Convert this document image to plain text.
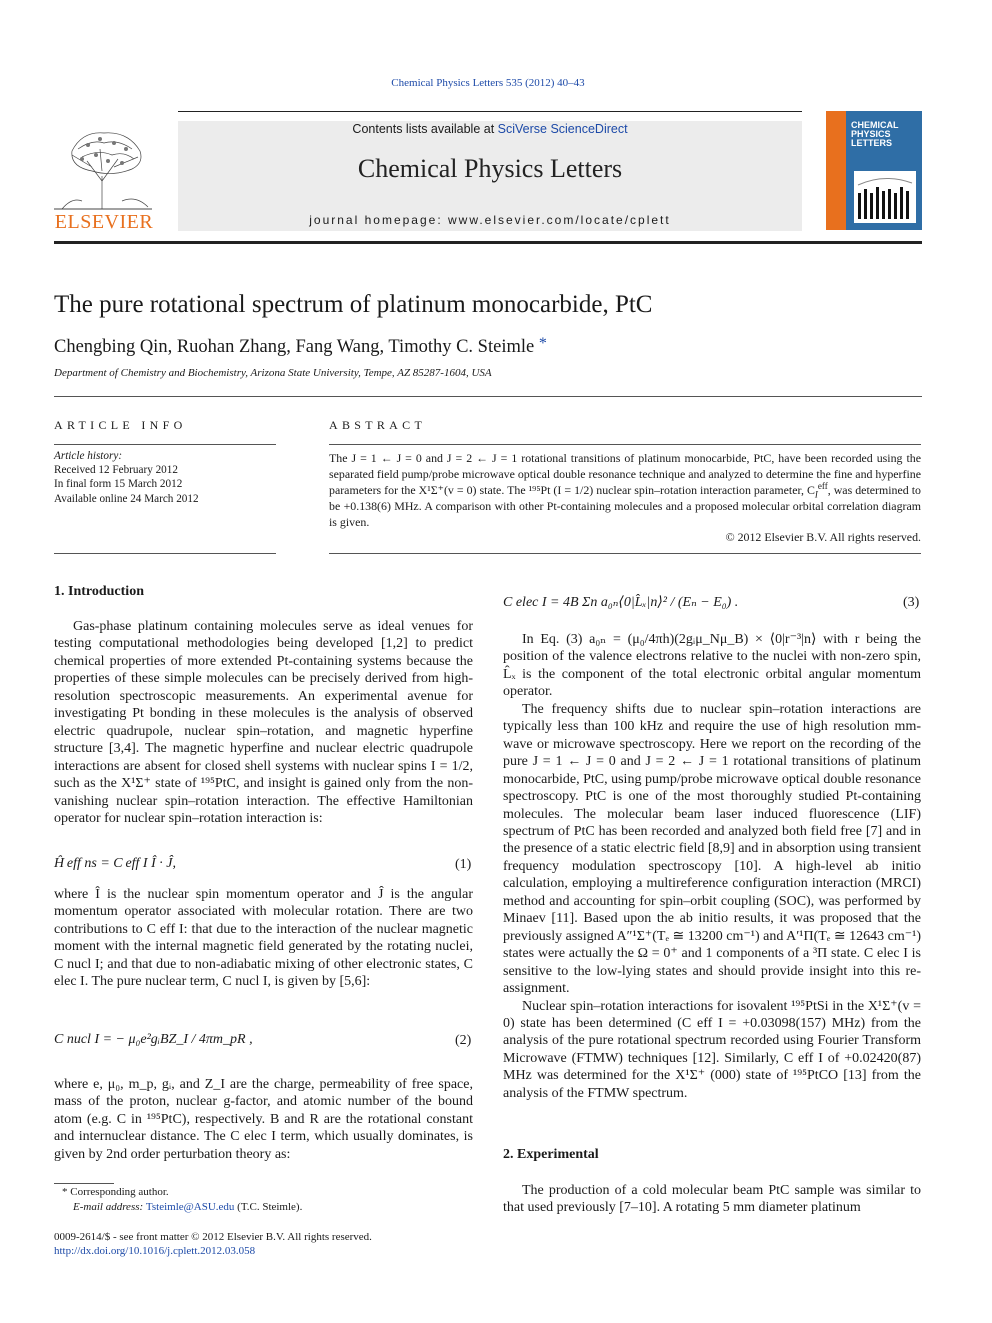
Chemical Physics Letters 535 (2012) 40–43
ELSEVIER
Contents lists available at SciVerse ScienceDirect
Chemical Physics Letters
journal homepage: www.elsevier.com/locate/cplett
CHEMICAL PHYSICS LETTERS
The pure rotational spectrum of platinum monocarbide, PtC
Chengbing Qin, Ruohan Zhang, Fang Wang, Timothy C. Steimle *
Department of Chemistry and Biochemistry, Arizona State University, Tempe, AZ 85287-1604, USA
ARTICLE INFO
Article history:
Received 12 February 2012
In final form 15 March 2012
Available online 24 March 2012
ABSTRACT
The J = 1 ← J = 0 and J = 2 ← J = 1 rotational transitions of platinum monocarbide, PtC, have been recorded using the separated field pump/probe microwave optical double resonance technique and analyzed to determine the fine and hyperfine parameters for the X¹Σ⁺(v = 0) state. The ¹⁹⁵Pt (I = 1/2) nuclear spin–rotation interaction parameter, $C_I^{eff}$, was determined to be +0.138(6) MHz. A comparison with other Pt-containing molecules and a proposed molecular orbital correlation diagram is given.
© 2012 Elsevier B.V. All rights reserved.
1. Introduction

Gas-phase platinum containing molecules serve as ideal venues for testing computational methodologies being developed [1,2] to predict chemical properties of more extended Pt-containing systems because the properties of these simple molecules can be precisely derived from high-resolution spectroscopic measurements. An experimental avenue for investigating Pt bonding in these molecules is the analysis of observed electric quadrupole, nuclear spin–rotation, and magnetic hyperfine structure [3,4]. The magnetic hyperfine and nuclear electric quadrupole interactions are absent for closed shell systems with nuclear spins I = 1/2, such as the X¹Σ⁺ state of ¹⁹⁵PtC, and insight is gained only from the non-vanishing nuclear spin–rotation interaction. The effective Hamiltonian operator for nuclear spin–rotation interaction is:

Ĥ eff ns = C eff I Î · Ĵ,	(1)

where Î is the nuclear spin momentum operator and Ĵ is the angular momentum operator associated with molecular rotation. There are two contributions to C eff I: that due to the interaction of the nuclear magnetic moment with the internal magnetic field generated by the rotating nuclei, C nucl I; and that due to non-adiabatic mixing of other electronic states, C elec I. The pure nuclear term, C nucl I, is given by [5,6]:

C nucl I = − μ₀e²gᵢBZ_I / 4πm_pR ,	(2)

where e, μ₀, m_p, gᵢ, and Z_I are the charge, permeability of free space, mass of the proton, nuclear g-factor, and atomic number of the bound atom (e.g. C in ¹⁹⁵PtC), respectively. B and R are the rotational constant and internuclear distance. The C elec I term, which usually dominates, is given by 2nd order perturbation theory as:

C elec I = 4B Σn a₀ₙ⟨0|L̂ₓ|n⟩² / (Eₙ − E₀) .	(3)

In Eq. (3) a₀ₙ = (μ₀/4πh)(2gᵢμ_Nμ_B) × ⟨0|r⁻³|n⟩ with r being the position of the valence electrons relative to the nuclei with non-zero spin, L̂ₓ is the component of the total electronic orbital angular momentum operator.

The frequency shifts due to nuclear spin–rotation interactions are typically less than 100 kHz and require the use of high resolution mm-wave or microwave spectroscopy. Here we report on the recording of the pure J = 1 ← J = 0 and J = 2 ← J = 1 rotational transitions of platinum monocarbide, PtC, using pump/probe microwave optical double resonance spectroscopy. PtC is one of the most thoroughly studied Pt-containing molecules. The molecular beam laser induced fluorescence (LIF) spectrum of PtC has been recorded and analyzed both field free [7] and in the presence of a static electric field [8,9] and in absorption using transient frequency modulation spectroscopy [10]. A high-level ab initio calculation, employing a multireference configuration interaction (MRCI) method and accounting for spin–orbit coupling (SOC), was performed by Minaev [11]. Based upon the ab initio results, it was proposed that the previously assigned A″¹Σ⁺(Tₑ ≅ 13200 cm⁻¹) and A′¹Π(Tₑ ≅ 12643 cm⁻¹) states were actually the Ω = 0⁺ and 1 components of a ³Π state. C elec I is sensitive to the low-lying states and should provide insight into this re-assignment.

Nuclear spin–rotation interactions for isovalent ¹⁹⁵PtSi in the X¹Σ⁺(v = 0) state has been determined (C eff I = +0.03098(157) MHz) from the analysis of the pure rotational spectrum recorded using Fourier Transform Microwave (FTMW) techniques [12]. Similarly, C eff I of +0.02420(87) MHz was determined for the X¹Σ⁺ (000) state of ¹⁹⁵PtCO [13] from the analysis of the FTMW spectrum.

2. Experimental

The production of a cold molecular beam PtC sample was similar to that used previously [7–10]. A rotating 5 mm diameter platinum

* Corresponding author.
E-mail address: Tsteimle@ASU.edu (T.C. Steimle).
0009-2614/$ - see front matter © 2012 Elsevier B.V. All rights reserved.
http://dx.doi.org/10.1016/j.cplett.2012.03.058
